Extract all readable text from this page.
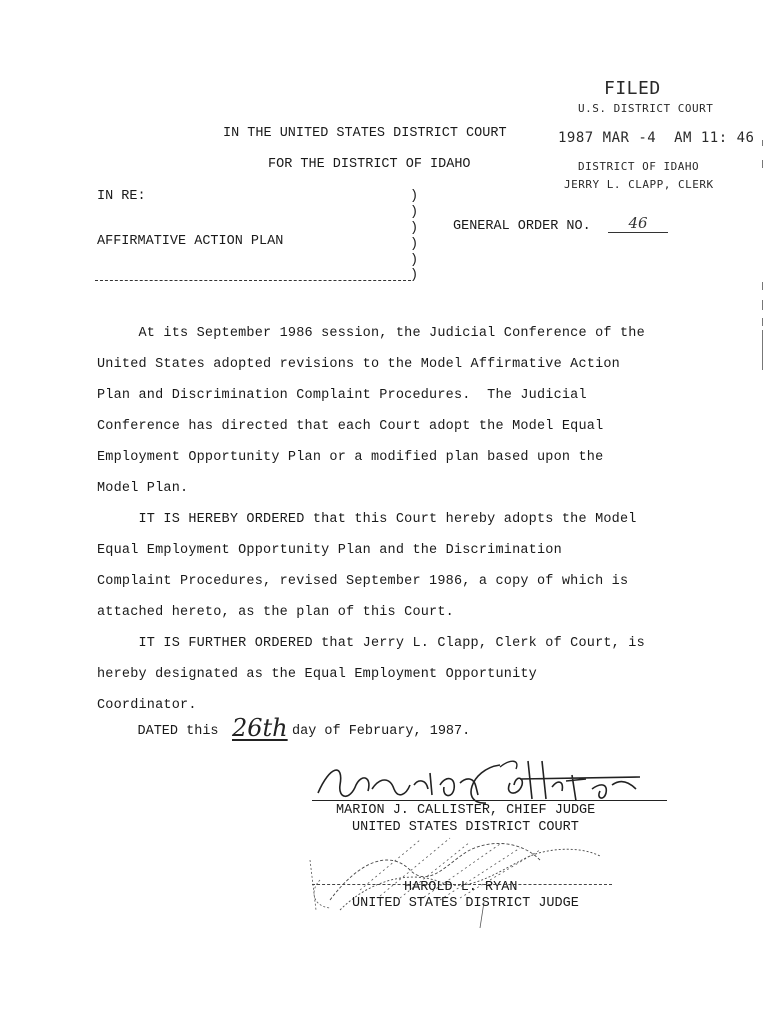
FILED
U.S. DISTRICT COURT
1987 MAR -4  AM 11: 46
DISTRICT OF IDAHO
JERRY L. CLAPP, CLERK
IN THE UNITED STATES DISTRICT COURT
FOR THE DISTRICT OF IDAHO
IN RE:
AFFIRMATIVE ACTION PLAN
)
)
)
)
)
)
GENERAL ORDER NO.	46
At its September 1986 session, the Judicial Conference of the
United States adopted revisions to the Model Affirmative Action
Plan and Discrimination Complaint Procedures.  The Judicial
Conference has directed that each Court adopt the Model Equal
Employment Opportunity Plan or a modified plan based upon the
Model Plan.
IT IS HEREBY ORDERED that this Court hereby adopts the Model
Equal Employment Opportunity Plan and the Discrimination
Complaint Procedures, revised September 1986, a copy of which is
attached hereto, as the plan of this Court.
IT IS FURTHER ORDERED that Jerry L. Clapp, Clerk of Court, is
hereby designated as the Equal Employment Opportunity
Coordinator.
DATED this 26th day of February, 1987.
MARION J. CALLISTER, CHIEF JUDGE
UNITED STATES DISTRICT COURT
HAROLD L. RYAN
UNITED STATES DISTRICT JUDGE
